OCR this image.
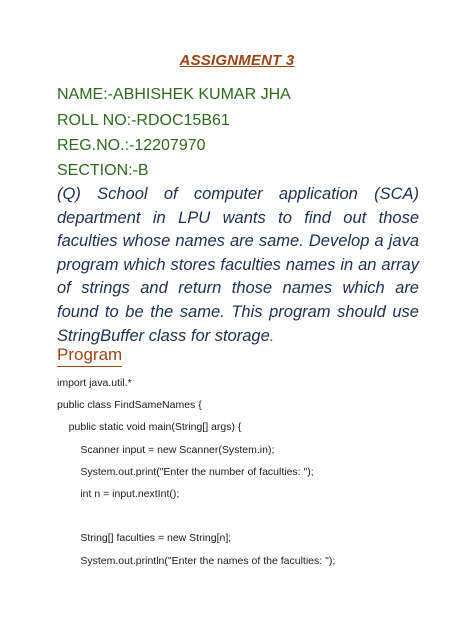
ASSIGNMENT 3
NAME:-ABHISHEK KUMAR JHA
ROLL NO:-RDOC15B61
REG.NO.:-12207970
SECTION:-B

(Q) School of computer application (SCA) department in LPU wants to find out those faculties whose names are same. Develop a java program which stores faculties names in an array of strings and return those names which are found to be the same. This program should use StringBuffer class for storage.

Program
import java.util.*
public class FindSameNames {
public static void main(String[] args) {
Scanner input = new Scanner(System.in);
System.out.print("Enter the number of faculties: ");
int n = input.nextInt();
String[] faculties = new String[n];
System.out.println("Enter the names of the faculties: ");
